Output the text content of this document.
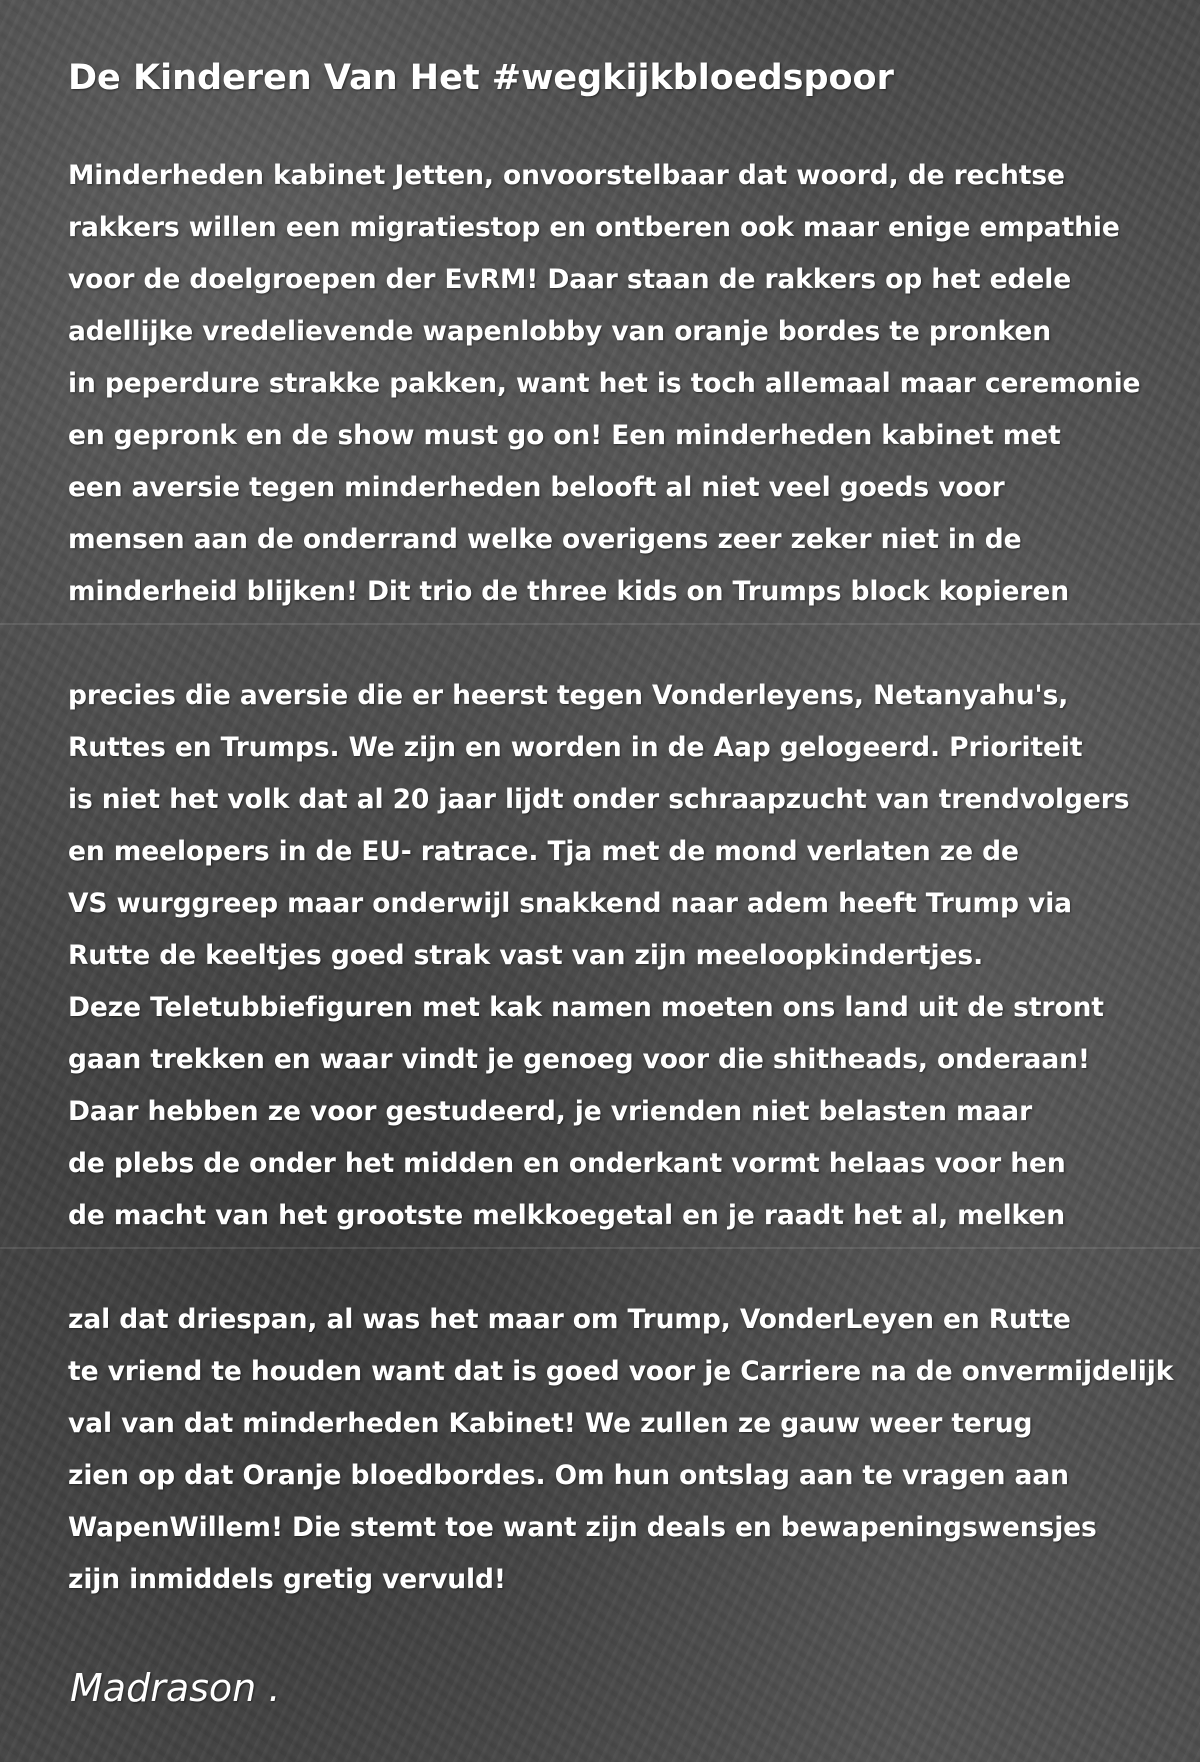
De Kinderen Van Het #wegkijkbloedspoor
Minderheden kabinet Jetten, onvoorstelbaar dat woord, de rechtse
rakkers willen een migratiestop en ontberen ook maar enige empathie
voor de doelgroepen der EvRM! Daar staan de rakkers op het edele
adellijke vredelievende wapenlobby van oranje bordes te pronken
in peperdure strakke pakken, want het is toch allemaal maar ceremonie
en gepronk en de show must go on! Een minderheden kabinet met
een aversie tegen minderheden belooft al niet veel goeds voor
mensen aan de onderrand welke overigens zeer zeker niet in de
minderheid blijken! Dit trio de three kids on Trumps block kopieren
precies die aversie die er heerst tegen Vonderleyens, Netanyahu's,
Ruttes en Trumps. We zijn en worden in de Aap gelogeerd. Prioriteit
is niet het volk dat al 20 jaar lijdt onder schraapzucht van trendvolgers
en meelopers in de EU- ratrace. Tja met de mond verlaten ze de
VS wurggreep maar onderwijl snakkend naar adem heeft Trump via
Rutte de keeltjes goed strak vast van zijn meeloopkindertjes.
Deze Teletubbiefiguren met kak namen moeten ons land uit de stront
gaan trekken en waar vindt je genoeg voor die shitheads, onderaan!
Daar hebben ze voor gestudeerd, je vrienden niet belasten maar
de plebs de onder het midden en onderkant vormt helaas voor hen
de macht van het grootste melkkoegetal en je raadt het al, melken
zal dat driespan, al was het maar om Trump, VonderLeyen en Rutte
te vriend te houden want dat is goed voor je Carriere na de onvermijdelijk
val van dat minderheden Kabinet! We zullen ze gauw weer terug
zien op dat Oranje bloedbordes. Om hun ontslag aan te vragen aan
WapenWillem! Die stemt toe want zijn deals en bewapeningswensjes
zijn inmiddels gretig vervuld!
Madrason .
